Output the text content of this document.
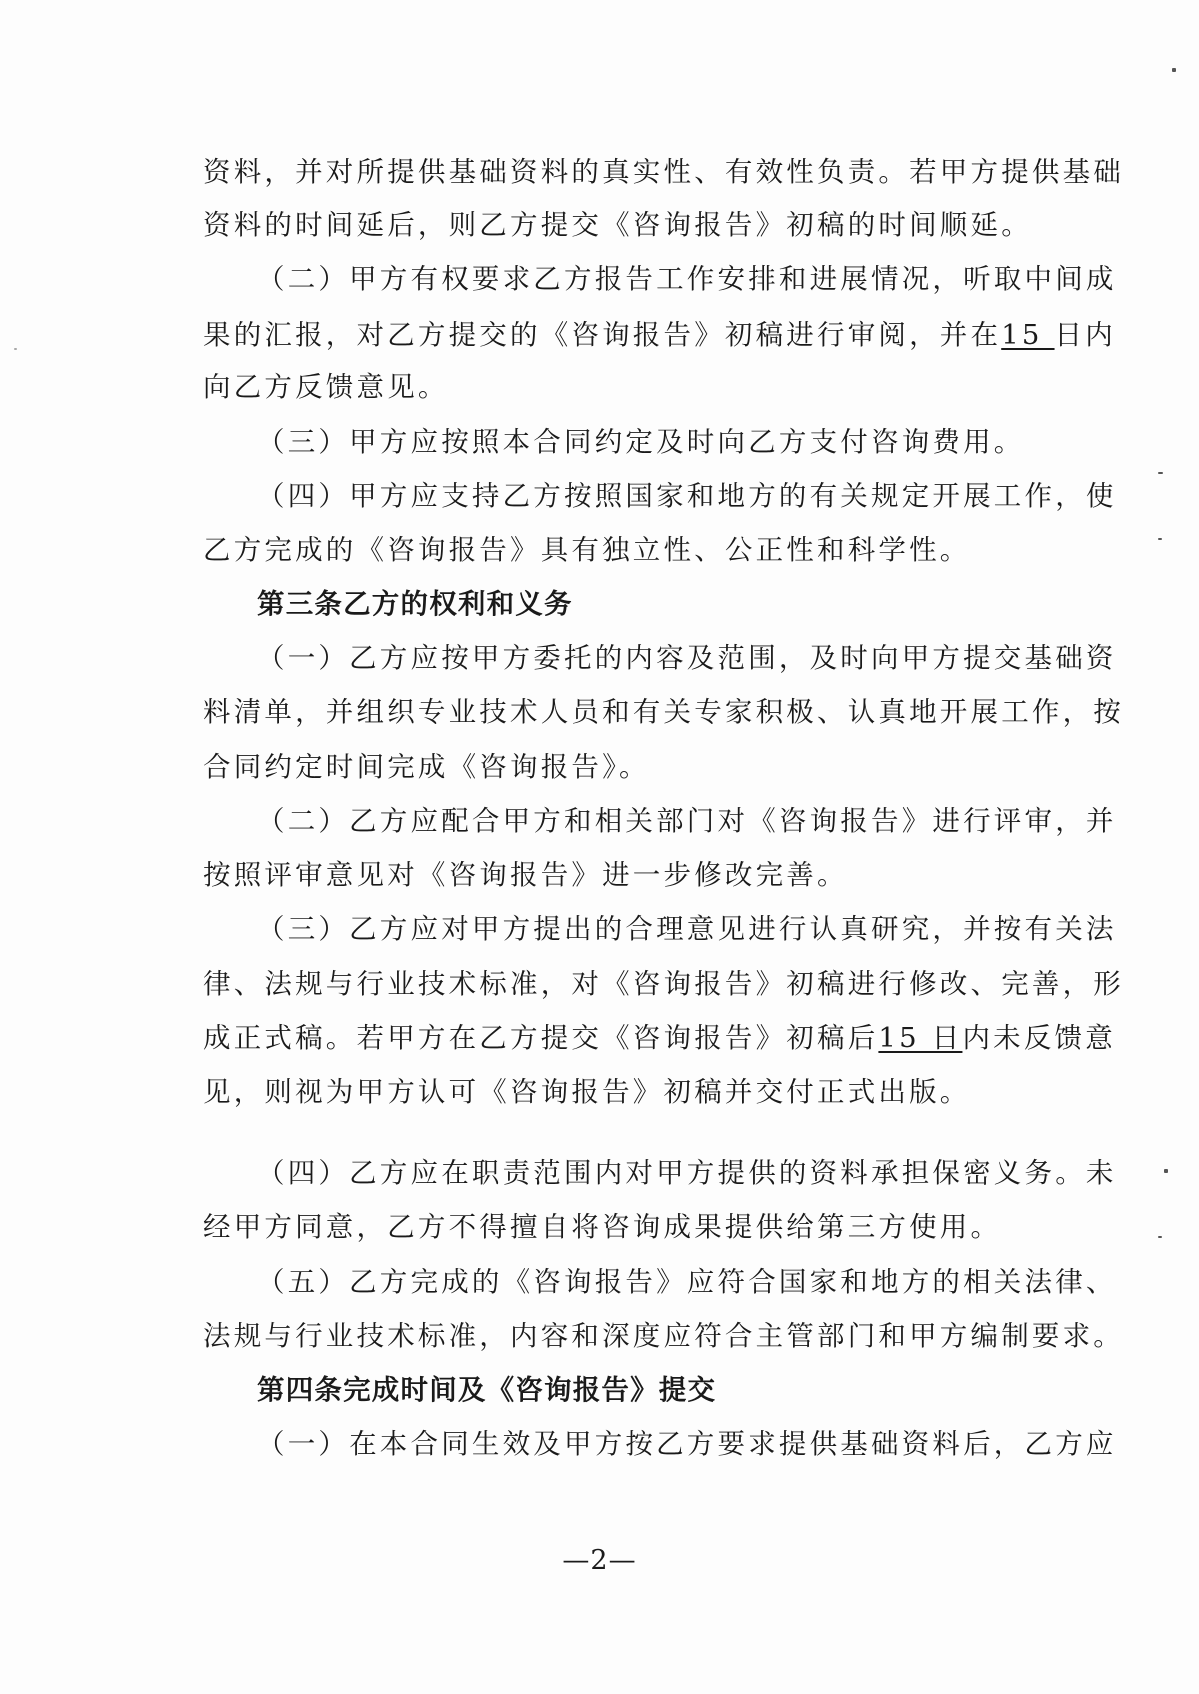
资料，并对所提供基础资料的真实性、有效性负责。若甲方提供基础
资料的时间延后，则乙方提交《咨询报告》初稿的时间顺延。
（二）甲方有权要求乙方报告工作安排和进展情况，听取中间成
果的汇报，对乙方提交的《咨询报告》初稿进行审阅，并在15 日内
向乙方反馈意见。
（三）甲方应按照本合同约定及时向乙方支付咨询费用。
（四）甲方应支持乙方按照国家和地方的有关规定开展工作，使
乙方完成的《咨询报告》具有独立性、公正性和科学性。
第三条乙方的权利和义务
（一）乙方应按甲方委托的内容及范围，及时向甲方提交基础资
料清单，并组织专业技术人员和有关专家积极、认真地开展工作，按
合同约定时间完成《咨询报告》。
（二）乙方应配合甲方和相关部门对《咨询报告》进行评审，并
按照评审意见对《咨询报告》进一步修改完善。
（三）乙方应对甲方提出的合理意见进行认真研究，并按有关法
律、法规与行业技术标准，对《咨询报告》初稿进行修改、完善，形
成正式稿。若甲方在乙方提交《咨询报告》初稿后15 日内未反馈意
见，则视为甲方认可《咨询报告》初稿并交付正式出版。
（四）乙方应在职责范围内对甲方提供的资料承担保密义务。未
经甲方同意，乙方不得擅自将咨询成果提供给第三方使用。
（五）乙方完成的《咨询报告》应符合国家和地方的相关法律、
法规与行业技术标准，内容和深度应符合主管部门和甲方编制要求。
第四条完成时间及《咨询报告》提交
（一）在本合同生效及甲方按乙方要求提供基础资料后，乙方应
—2—
